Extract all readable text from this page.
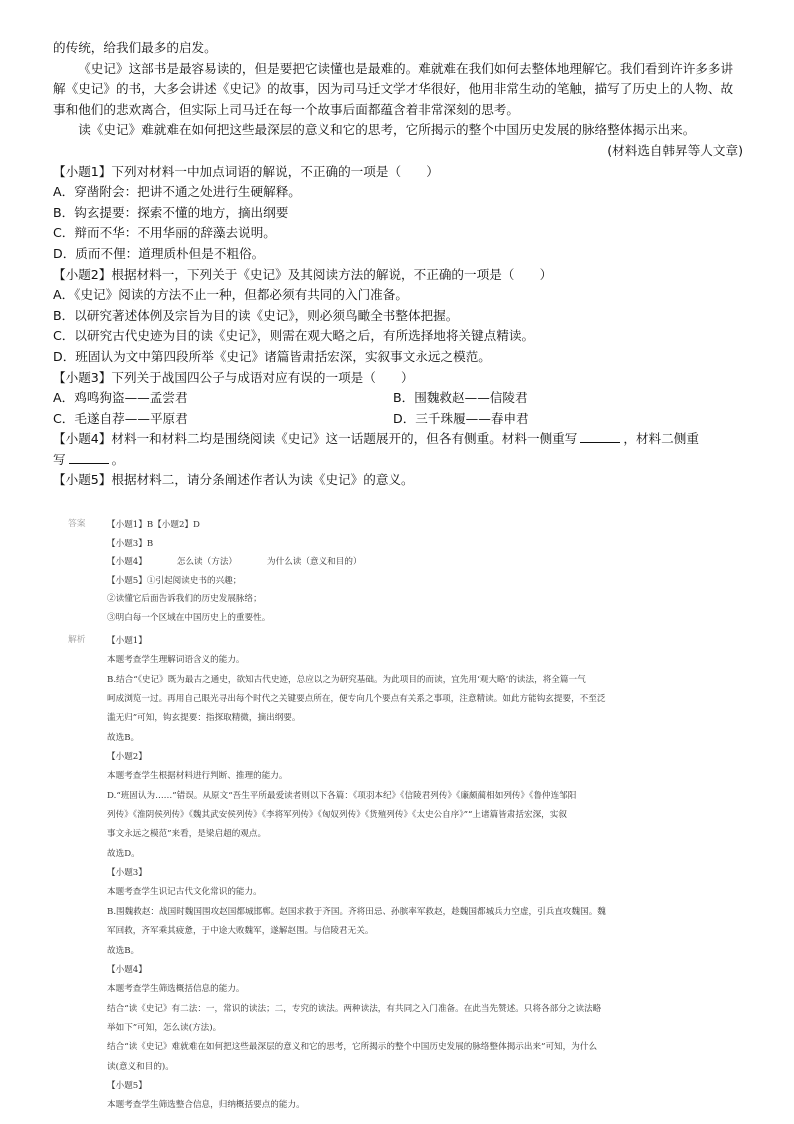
的传统，给我们最多的启发。

《史记》这部书是最容易读的，但是要把它读懂也是最难的。难就难在我们如何去整体地理解它。我们看到许许多多讲解《史记》的书，大多会讲述《史记》的故事，因为司马迁文学才华很好，他用非常生动的笔触，描写了历史上的人物、故事和他们的悲欢离合，但实际上司马迁在每一个故事后面都蕴含着非常深刻的思考。

读《史记》难就难在如何把这些最深层的意义和它的思考，它所揭示的整个中国历史发展的脉络整体揭示出来。

(材料选自韩昇等人文章)

【小题1】下列对材料一中加点词语的解说，不正确的一项是（　　）

A．穿凿附会：把讲不通之处进行生硬解释。

B．钩玄提要：探索不懂的地方，摘出纲要

C．辩而不华：不用华丽的辞藻去说明。

D．质而不俚：道理质朴但是不粗俗。

【小题2】根据材料一，下列关于《史记》及其阅读方法的解说，不正确的一项是（　　）

A．《史记》阅读的方法不止一种，但都必须有共同的入门准备。

B．以研究著述体例及宗旨为目的读《史记》，则必须鸟瞰全书整体把握。

C．以研究古代史迹为目的读《史记》，则需在观大略之后，有所选择地将关键点精读。

D．班固认为文中第四段所举《史记》诸篇皆肃括宏深，实叙事文永远之模范。

【小题3】下列关于战国四公子与成语对应有误的一项是（　　）

A．鸡鸣狗盗——孟尝君	B．围魏救赵——信陵君
C．毛遂自荐——平原君	D．三千珠履——春申君

【小题4】材料一和材料二均是围绕阅读《史记》这一话题展开的，但各有侧重。材料一侧重写	，材料二侧重
写	。

【小题5】根据材料二，请分条阐述作者认为读《史记》的意义。

答案 【小题1】B【小题2】D
【小题3】B
【小题4】	怎么读（方法）	为什么读（意义和目的）
【小题5】①引起阅读史书的兴趣；
②读懂它后面告诉我们的历史发展脉络；
③明白每一个区域在中国历史上的重要性。
解析 【小题1】
本题考查学生理解词语含义的能力。
B.结合“《史记》既为最古之通史，欲知古代史迹，总应以之为研究基础。为此项目的而读，宜先用‘观大略’的读法，将全篇一气
呵成浏览一过。再用自己眼光寻出每个时代之关键要点所在，便专向几个要点有关系之事项，注意精读。如此方能钩玄提要，不至泛
滥无归”可知，钩玄提要：指探取精微，摘出纲要。
故选B。
【小题2】
本题考查学生根据材料进行判断、推理的能力。
D.“班固认为……”错误。从原文“吾生平所最爱读者则以下各篇：《项羽本纪》《信陵君列传》《廉颇蔺相如列传》《鲁仲连邹阳
列传》《淮阴侯列传》《魏其武安侯列传》《李将军列传》《匈奴列传》《货殖列传》《太史公自序》”“上诸篇皆肃括宏深，实叙
事文永远之模范”来看，是梁启超的观点。
故选D。
【小题3】
本题考查学生识记古代文化常识的能力。
B.围魏救赵：战国时魏国围攻赵国都城邯郸。赵国求救于齐国。齐将田忌、孙膑率军救赵，趁魏国都城兵力空虚，引兵直攻魏国。魏
军回救，齐军乘其疲惫，于中途大败魏军，遂解赵围。与信陵君无关。
故选B。
【小题4】
本题考查学生筛选概括信息的能力。
结合“读《史记》有二法：一，常识的读法；二，专究的读法。两种读法，有共同之入门准备。在此当先赞述。只将各部分之读法略
举如下”可知，怎么读(方法)。
结合“读《史记》难就难在如何把这些最深层的意义和它的思考，它所揭示的整个中国历史发展的脉络整体揭示出来”可知，为什么
读(意义和目的)。
【小题5】
本题考查学生筛选整合信息，归纳概括要点的能力。
